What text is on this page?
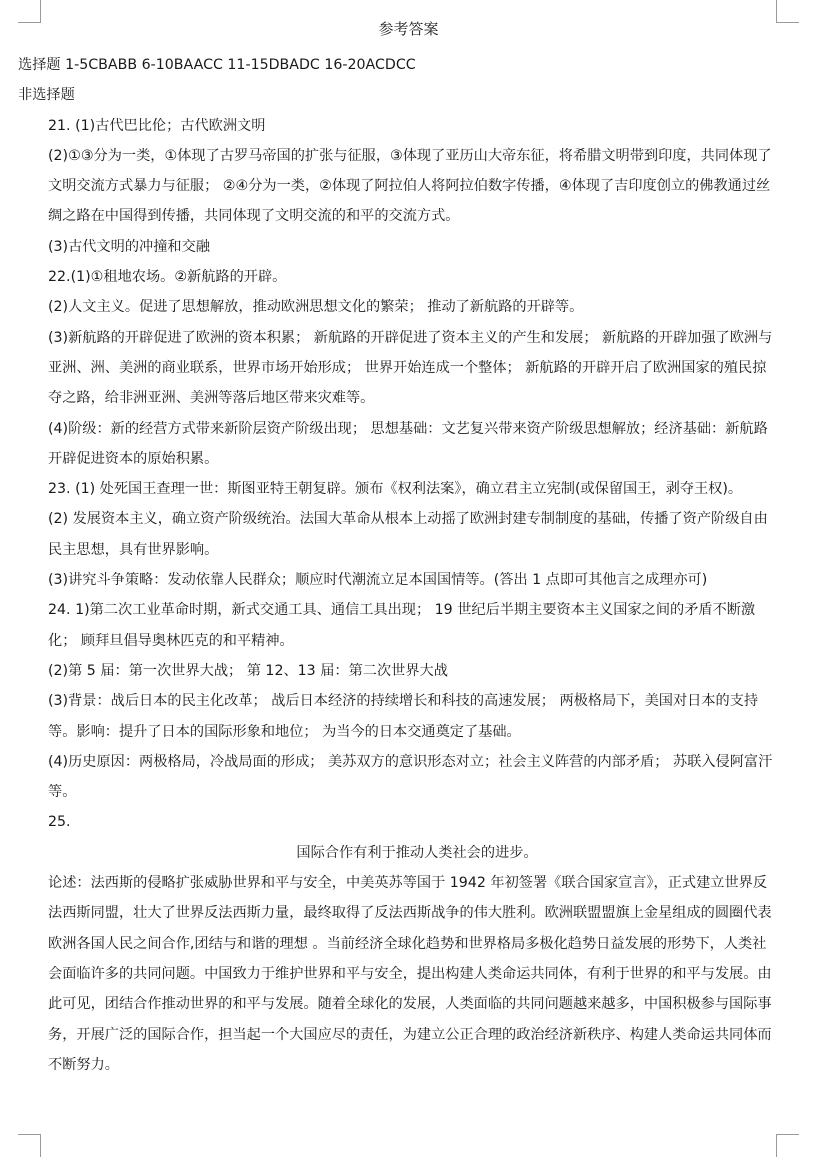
参考答案

选择题 1-5CBABB 6-10BAACC 11-15DBADC 16-20ACDCC

非选择题

21. (1)古代巴比伦；古代欧洲文明

(2)①③分为一类，①体现了古罗马帝国的扩张与征服，③体现了亚历山大帝东征，将希腊文明带到印度，共同体现了文明交流方式暴力与征服； ②④分为一类，②体现了阿拉伯人将阿拉伯数字传播，④体现了吉印度创立的佛教通过丝绸之路在中国得到传播，共同体现了文明交流的和平的交流方式。

(3)古代文明的冲撞和交融

22.(1)①租地农场。②新航路的开辟。

(2)人文主义。促进了思想解放，推动欧洲思想文化的繁荣； 推动了新航路的开辟等。

(3)新航路的开辟促进了欧洲的资本积累； 新航路的开辟促进了资本主义的产生和发展； 新航路的开辟加强了欧洲与亚洲、洲、美洲的商业联系，世界市场开始形成； 世界开始连成一个整体； 新航路的开辟开启了欧洲国家的殖民掠夺之路，给非洲亚洲、美洲等落后地区带来灾难等。

(4)阶级：新的经营方式带来新阶层资产阶级出现； 思想基础：文艺复兴带来资产阶级思想解放；经济基础：新航路开辟促进资本的原始积累。

23. (1) 处死国王查理一世：斯图亚特王朝复辟。颁布《权利法案》，确立君主立宪制(或保留国王，剥夺王权)。

(2) 发展资本主义，确立资产阶级统治。法国大革命从根本上动摇了欧洲封建专制制度的基础，传播了资产阶级自由民主思想，具有世界影响。

(3)讲究斗争策略：发动依靠人民群众；顺应时代潮流立足本国国情等。(答出 1 点即可其他言之成理亦可)

24. 1)第二次工业革命时期，新式交通工具、通信工具出现； 19 世纪后半期主要资本主义国家之间的矛盾不断激化； 顾拜旦倡导奥林匹克的和平精神。

(2)第 5 届：第一次世界大战； 第 12、13 届：第二次世界大战

(3)背景：战后日本的民主化改革； 战后日本经济的持续增长和科技的高速发展； 两极格局下，美国对日本的支持等。影响：提升了日本的国际形象和地位； 为当今的日本交通奠定了基础。

(4)历史原因：两极格局，冷战局面的形成； 美苏双方的意识形态对立；社会主义阵营的内部矛盾； 苏联入侵阿富汗等。

25.

国际合作有利于推动人类社会的进步。

论述：法西斯的侵略扩张威胁世界和平与安全，中美英苏等国于 1942 年初签署《联合国家宣言》，正式建立世界反法西斯同盟，壮大了世界反法西斯力量，最终取得了反法西斯战争的伟大胜利。欧洲联盟盟旗上金星组成的圆圈代表欧洲各国人民之间合作,团结与和谐的理想 。当前经济全球化趋势和世界格局多极化趋势日益发展的形势下，人类社会面临许多的共同问题。中国致力于维护世界和平与安全，提出构建人类命运共同体，有利于世界的和平与发展。由此可见，团结合作推动世界的和平与发展。随着全球化的发展，人类面临的共同问题越来越多，中国积极参与国际事务，开展广泛的国际合作，担当起一个大国应尽的责任，为建立公正合理的政治经济新秩序、构建人类命运共同体而不断努力。
